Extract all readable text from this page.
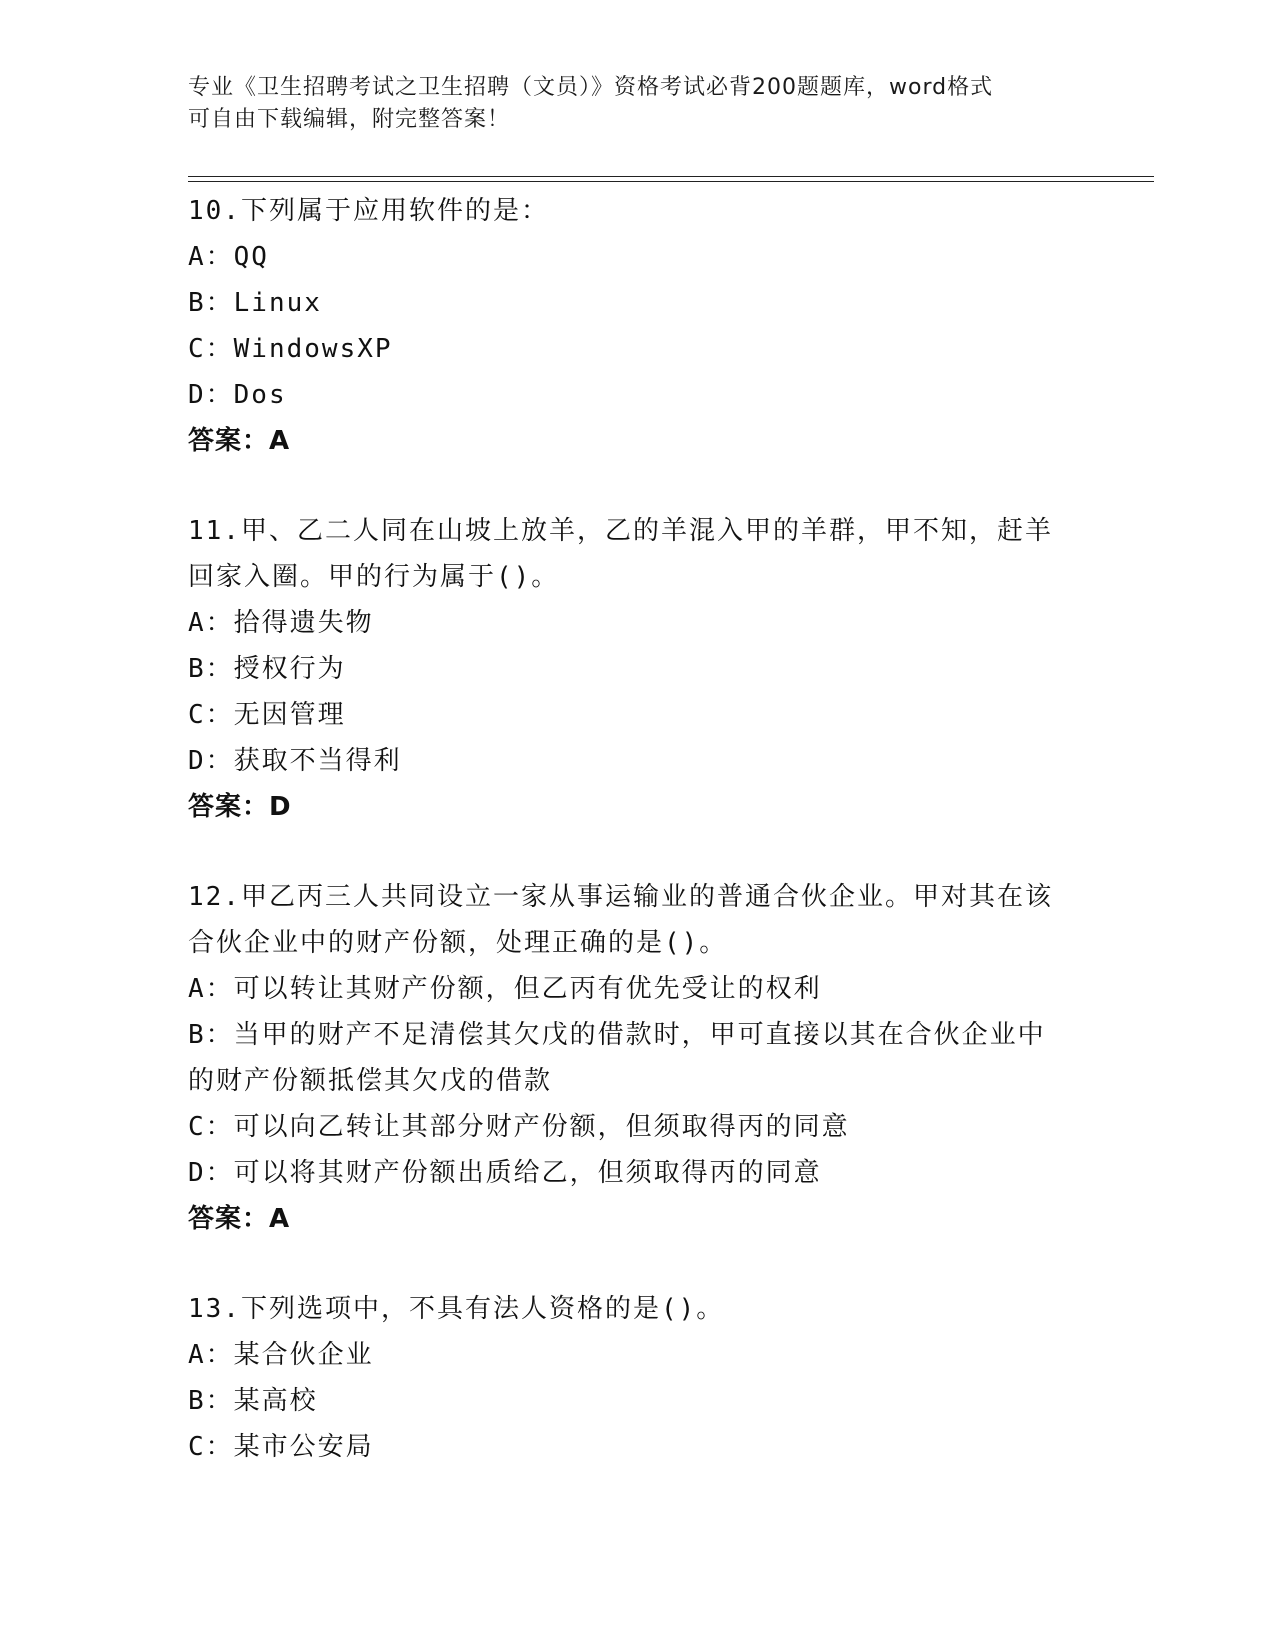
专业《卫生招聘考试之卫生招聘（文员）》资格考试必背200题题库，word格式

可自由下载编辑，附完整答案！

10.下列属于应用软件的是：

A：QQ

B：Linux

C：WindowsXP

D：Dos

答案：A

11.甲、乙二人同在山坡上放羊，乙的羊混入甲的羊群，甲不知，赶羊

回家入圈。甲的行为属于()。

A：拾得遗失物

B：授权行为

C：无因管理

D：获取不当得利

答案：D

12.甲乙丙三人共同设立一家从事运输业的普通合伙企业。甲对其在该

合伙企业中的财产份额，处理正确的是()。

A：可以转让其财产份额，但乙丙有优先受让的权利

B：当甲的财产不足清偿其欠戊的借款时，甲可直接以其在合伙企业中

的财产份额抵偿其欠戊的借款

C：可以向乙转让其部分财产份额，但须取得丙的同意

D：可以将其财产份额出质给乙，但须取得丙的同意

答案：A

13.下列选项中，不具有法人资格的是()。

A：某合伙企业

B：某高校

C：某市公安局
